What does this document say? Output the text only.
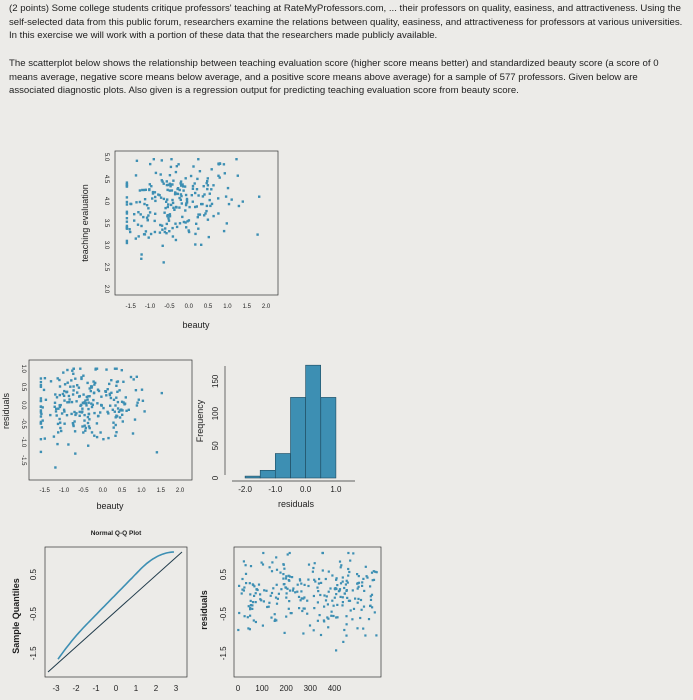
(2 points) Some college students critique professors' teaching at RateMyProfessors.com, ... their professors on quality, easiness, and attractiveness. Using the self-selected data from this public forum, researchers examine the relations between quality, easiness, and attractiveness for professors at various universities. In this exercise we will work with a portion of these data that the researchers made publicly available.
The scatterplot below shows the relationship between teaching evaluation score (higher score means better) and standardized beauty score (a score of 0 means average, negative score means below average, and a positive score means above average) for a sample of 577 professors. Given below are associated diagnostic plots. Also given is a regression output for predicting teaching evaluation score from beauty score.
-1.5 -1.0 -0.5 0.0 0.5 1.0 1.5 2.0
2.0
2.5
3.0
3.5
4.0
4.5
5.0
beauty
teaching evaluation
-1.5 -1.0 -0.5 0.0 0.5 1.0 1.5 2.0
-1.5
-1.0
-0.5
0.0
0.5
1.0
beauty
residuals
-2.0 -1.0 0.0 1.0
0
50
100
150
residuals
Frequency
Normal Q-Q Plot
-3 -2 -1 0 1 2 3
-1.5
-0.5
0.5
Sample Quantiles
0 100 200 300 400
-1.5
-0.5
0.5
residuals
